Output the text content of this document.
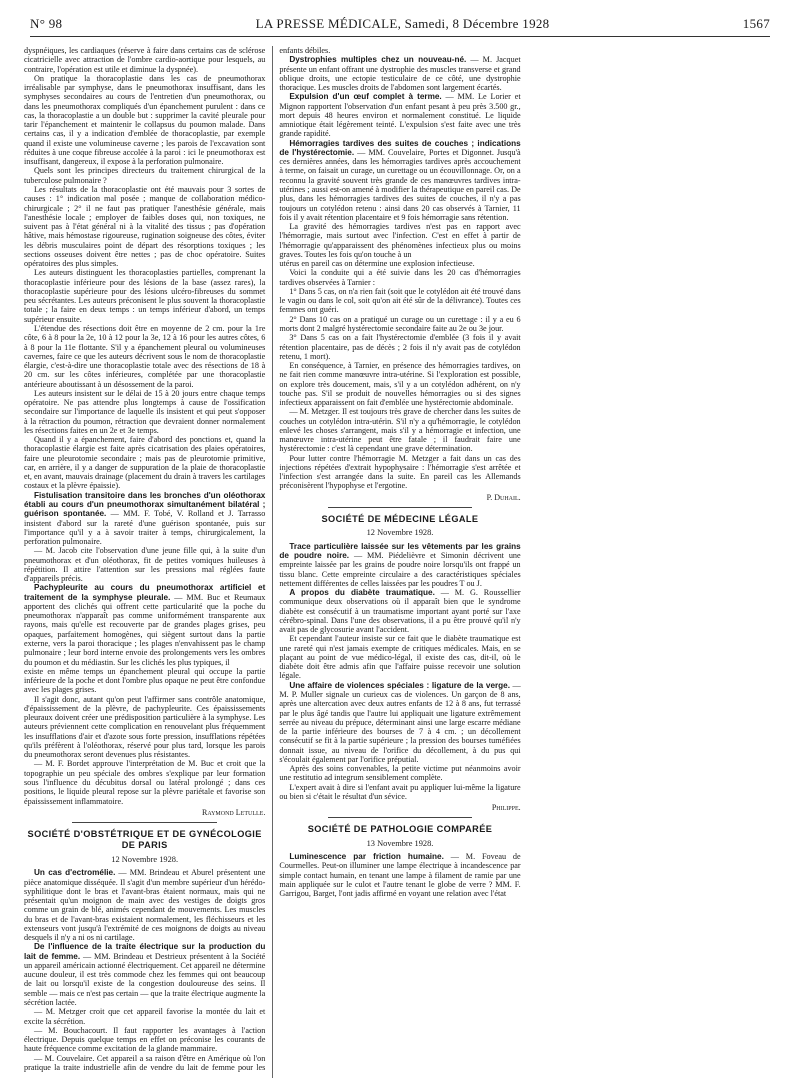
N° 98	LA PRESSE MÉDICALE, Samedi, 8 Décembre 1928	1567

dyspnéiques, les cardiaques (réserve à faire dans certains cas de sclérose cicatricielle avec attraction de l'ombre cardio-aortique pour lesquels, au contraire, l'opération est utile et diminue la dyspnée).

On pratique la thoracoplastie dans les cas de pneumothorax irréalisable par symphyse, dans le pneumothorax insuffisant, dans les symphyses secondaires au cours de l'entretien d'un pneumothorax, ou dans les pneumothorax compliqués d'un épanchement purulent : dans ce cas, la thoracoplastie a un double but : supprimer la cavité pleurale pour tarir l'épanchement et maintenir le collapsus du poumon malade. Dans certains cas, il y a indication d'emblée de thoracoplastie, par exemple quand il existe une volumineuse caverne ; les parois de l'excavation sont réduites à une coque fibreuse accolée à la paroi : ici le pneumothorax est insuffisant, dangereux, il expose à la perforation pulmonaire.

Quels sont les principes directeurs du traitement chirurgical de la tuberculose pulmonaire ?

Les résultats de la thoracoplastie ont été mauvais pour 3 sortes de causes : 1° indication mal posée ; manque de collaboration médico-chirurgicale ; 2° il ne faut pas pratiquer l'anesthésie générale, mais l'anesthésie locale ; employer de faibles doses qui, non toxiques, ne suivent pas à l'état général ni à la vitalité des tissus ; pas d'opération hâtive, mais hémostase rigoureuse, rugination soigneuse des côtes, éviter les débris musculaires point de départ des résorptions toxiques ; les sections osseuses doivent être nettes ; pas de choc opératoire. Suites opératoires des plus simples.

Les auteurs distinguent les thoracoplasties partielles, comprenant la thoracoplastie inférieure pour des lésions de la base (assez rares), la thoracoplastie supérieure pour des lésions ulcéro-fibreuses du sommet peu sécrétantes. Les auteurs préconisent le plus souvent la thoracoplastie totale ; la faire en deux temps : un temps inférieur d'abord, un temps supérieur ensuite.

L'étendue des résections doit être en moyenne de 2 cm. pour la 1re côte, 6 à 8 pour la 2e, 10 à 12 pour la 3e, 12 à 16 pour les autres côtes, 6 à 8 pour la 11e flottante. S'il y a épanchement pleural ou volumineuses cavernes, faire ce que les auteurs décrivent sous le nom de thoracoplastie élargie, c'est-à-dire une thoracoplastie totale avec des résections de 18 à 20 cm. sur les côtes inférieures, complétée par une thoracoplastie antérieure aboutissant à un désossement de la paroi.

Les auteurs insistent sur le délai de 15 à 20 jours entre chaque temps opératoire. Ne pas attendre plus longtemps à cause de l'ossification secondaire sur l'importance de laquelle ils insistent et qui peut s'opposer à la rétraction du poumon, rétraction que devraient donner normalement les résections faites en un 2e et 3e temps.

Quand il y a épanchement, faire d'abord des ponctions et, quand la thoracoplastie élargie est faite après cicatrisation des plaies opératoires, faire une pleurotomie secondaire ; mais pas de pleurotomie primitive, car, en arrière, il y a danger de suppuration de la plaie de thoracoplastie et, en avant, mauvais drainage (placement du drain à travers les cartilages costaux et la plèvre épaissie).

Fistulisation transitoire dans les bronches d'un oléothorax établi au cours d'un pneumothorax simultanément bilatéral ; guérison spontanée. — MM. F. Tobé, V. Rolland et J. Tarrasso insistent d'abord sur la rareté d'une guérison spontanée, puis sur l'importance qu'il y a à savoir traiter à temps, chirurgicalement, la perforation pulmonaire.

— M. Jacob cite l'observation d'une jeune fille qui, à la suite d'un pneumothorax et d'un oléothorax, fit de petites vomiques huileuses à répétition. Il attire l'attention sur les pressions mal réglées faute d'appareils précis.

Pachypleurite au cours du pneumothorax artificiel et traitement de la symphyse pleurale. — MM. Buc et Reumaux apportent des clichés qui offrent cette particularité que la poche du pneumothorax n'apparaît pas comme uniformément transparente aux rayons, mais qu'elle est recouverte par de grandes plages grises, peu opaques, parfaitement homogènes, qui siègent surtout dans la partie externe, vers la paroi thoracique ; les plages n'envahissent pas le champ pulmonaire ; leur bord interne envoie des prolongements vers les ombres du poumon et du médiastin. Sur les clichés les plus typiques, il

existe en même temps un épanchement pleural qui occupe la partie inférieure de la poche et dont l'ombre plus opaque ne peut être confondue avec les plages grises.

Il s'agit donc, autant qu'on peut l'affirmer sans contrôle anatomique, d'épaississement de la plèvre, de pachypleurite. Ces épaississements pleuraux doivent créer une prédisposition particulière à la symphyse. Les auteurs préviennent cette complication en renouvelant plus fréquemment les insufflations d'air et d'azote sous forte pression, insufflations répétées qu'ils préfèrent à l'oléothorax, réservé pour plus tard, lorsque les parois du pneumothorax seront devenues plus résistantes.

— M. F. Bordet approuve l'interprétation de M. Buc et croit que la topographie un peu spéciale des ombres s'explique par leur formation sous l'influence du décubitus dorsal ou latéral prolongé ; dans ces positions, le liquide pleural repose sur la plèvre pariétale et favorise son épaississement inflammatoire.

Raymond Letulle.
SOCIÉTÉ D'OBSTÉTRIQUE ET DE GYNÉCOLOGIE DE PARIS
12 Novembre 1928.

Un cas d'ectromélie. — MM. Brindeau et Aburel présentent une pièce anatomique disséquée. Il s'agit d'un membre supérieur d'un hérédo-syphilitique dont le bras et l'avant-bras étaient normaux, mais qui ne présentait qu'un moignon de main avec des vestiges de doigts gros comme un grain de blé, animés cependant de mouvements. Les muscles du bras et de l'avant-bras existaient normalement, les fléchisseurs et les extenseurs vont jusqu'à l'extrémité de ces moignons de doigts au niveau desquels il n'y a ni os ni cartilage.

De l'influence de la traite électrique sur la production du lait de femme. — MM. Brindeau et Destrieux présentent à la Société un appareil américain actionné électriquement. Cet appareil ne détermine aucune douleur, il est très commode chez les femmes qui ont beaucoup de lait ou lorsqu'il existe de la congestion douloureuse des seins. Il semble — mais ce n'est pas certain — que la traite électrique augmente la sécrétion lactée.

— M. Metzger croit que cet appareil favorise la montée du lait et excite la sécrétion.

— M. Bouchacourt. Il faut rapporter les avantages à l'action électrique. Depuis quelque temps en effet on préconise les courants de haute fréquence comme excitation de la glande mammaire.

— M. Couvelaire. Cet appareil a sa raison d'être en Amérique où l'on pratique la traite industrielle afin de vendre du lait de femme pour les enfants débiles.

Dystrophies multiples chez un nouveau-né. — M. Jacquet présente un enfant offrant une dystrophie des muscles transverse et grand oblique droits, une ectopie testiculaire de ce côté, une dystrophie thoracique. Les muscles droits de l'abdomen sont largement écartés.

Expulsion d'un œuf complet à terme. — MM. Le Lorier et Mignon rapportent l'observation d'un enfant pesant à peu près 3.500 gr., mort depuis 48 heures environ et normalement constitué. Le liquide amniotique était légèrement teinté. L'expulsion s'est faite avec une très grande rapidité.

Hémorragies tardives des suites de couches ; indications de l'hystérectomie. — MM. Couvelaire, Portes et Digonnet. Jusqu'à ces dernières années, dans les hémorragies tardives après accouchement à terme, on faisait un curage, un curettage ou un écouvillonnage. Or, on a reconnu la gravité souvent très grande de ces manœuvres tardives intra-utérines ; aussi est-on amené à modifier la thérapeutique en pareil cas. De plus, dans les hémorragies tardives des suites de couches, il n'y a pas toujours un cotylédon retenu : ainsi dans 20 cas observés à Tarnier, 11 fois il y avait rétention placentaire et 9 fois hémorragie sans rétention.

La gravité des hémorragies tardives n'est pas en rapport avec l'hémorragie, mais surtout avec l'infection. C'est en effet à partir de l'hémorragie qu'apparaissent des phénomènes infectieux plus ou moins graves. Toutes les fois qu'on touche à un

utérus en pareil cas on détermine une explosion infectieuse.

Voici la conduite qui a été suivie dans les 20 cas d'hémorragies tardives observées à Tarnier :

1° Dans 5 cas, on n'a rien fait (soit que le cotylédon ait été trouvé dans le vagin ou dans le col, soit qu'on ait été sûr de la délivrance). Toutes ces femmes ont guéri.

2° Dans 10 cas on a pratiqué un curage ou un curettage : il y a eu 6 morts dont 2 malgré hystérectomie secondaire faite au 2e ou 3e jour.

3° Dans 5 cas on a fait l'hystérectomie d'emblée (3 fois il y avait rétention placentaire, pas de décès ; 2 fois il n'y avait pas de cotylédon retenu, 1 mort).

En conséquence, à Tarnier, en présence des hémorragies tardives, on ne fait rien comme manœuvre intra-utérine. Si l'exploration est possible, on explore très doucement, mais, s'il y a un cotylédon adhérent, on n'y touche pas. S'il se produit de nouvelles hémorragies ou si des signes infectieux apparaissent on fait d'emblée une hystérectomie abdominale.

— M. Metzger. Il est toujours très grave de chercher dans les suites de couches un cotylédon intra-utérin. S'il n'y a qu'hémorragie, le cotylédon enlevé les choses s'arrangent, mais s'il y a hémorragie et infection, une manœuvre intra-utérine peut être fatale ; il faudrait faire une hystérectomie : c'est là cependant une grave détermination.

Pour lutter contre l'hémorragie M. Metzger a fait dans un cas des injections répétées d'extrait hypophysaire : l'hémorragie s'est arrêtée et l'infection s'est arrangée dans la suite. En pareil cas les Allemands préconisèrent l'hypophyse et l'ergotine.

P. Duhail.
SOCIÉTÉ DE MÉDECINE LÉGALE
12 Novembre 1928.

Trace particulière laissée sur les vêtements par les grains de poudre noire. — MM. Piédelièvre et Simonin décrivent une empreinte laissée par les grains de poudre noire lorsqu'ils ont frappé un tissu blanc. Cette empreinte circulaire a des caractéristiques spéciales nettement différentes de celles laissées par les poudres T ou J.

A propos du diabète traumatique. — M. G. Roussellier communique deux observations où il apparaît bien que le syndrome diabète est consécutif à un traumatisme important ayant porté sur l'axe cérébro-spinal. Dans l'une des observations, il a pu être prouvé qu'il n'y avait pas de glycosurie avant l'accident.

Et cependant l'auteur insiste sur ce fait que le diabète traumatique est une rareté qui n'est jamais exempte de critiques médicales. Mais, en se plaçant au point de vue médico-légal, il existe des cas, dit-il, où le diabète doit être admis afin que l'affaire puisse recevoir une solution légale.

Une affaire de violences spéciales : ligature de la verge. — M. P. Muller signale un curieux cas de violences. Un garçon de 8 ans, après une altercation avec deux autres enfants de 12 à 8 ans, fut terrassé par le plus âgé tandis que l'autre lui appliquait une ligature extrêmement serrée au niveau du prépuce, déterminant ainsi une large escarre médiane de la partie inférieure des bourses de 7 à 4 cm. ; un décollement consécutif se fit à la partie supérieure ; la pression des bourses tuméfiées donnait issue, au niveau de l'orifice du décollement, à du pus qui s'écoulait également par l'orifice préputial.

Après des soins convenables, la petite victime put néanmoins avoir une restitutio ad integrum sensiblement complète.

L'expert avait à dire si l'enfant avait pu appliquer lui-même la ligature ou bien si c'était le résultat d'un sévice.

Philippe.
SOCIÉTÉ DE PATHOLOGIE COMPARÉE
13 Novembre 1928.

Luminescence par friction humaine. — M. Foveau de Courmelles. Peut-on illuminer une lampe électrique à incandescence par simple contact humain, en tenant une lampe à filament de ramie par une main appliquée sur le culot et l'autre tenant le globe de verre ? MM. F. Garrigou, Barget, l'ont jadis affirmé en voyant une relation avec l'état
